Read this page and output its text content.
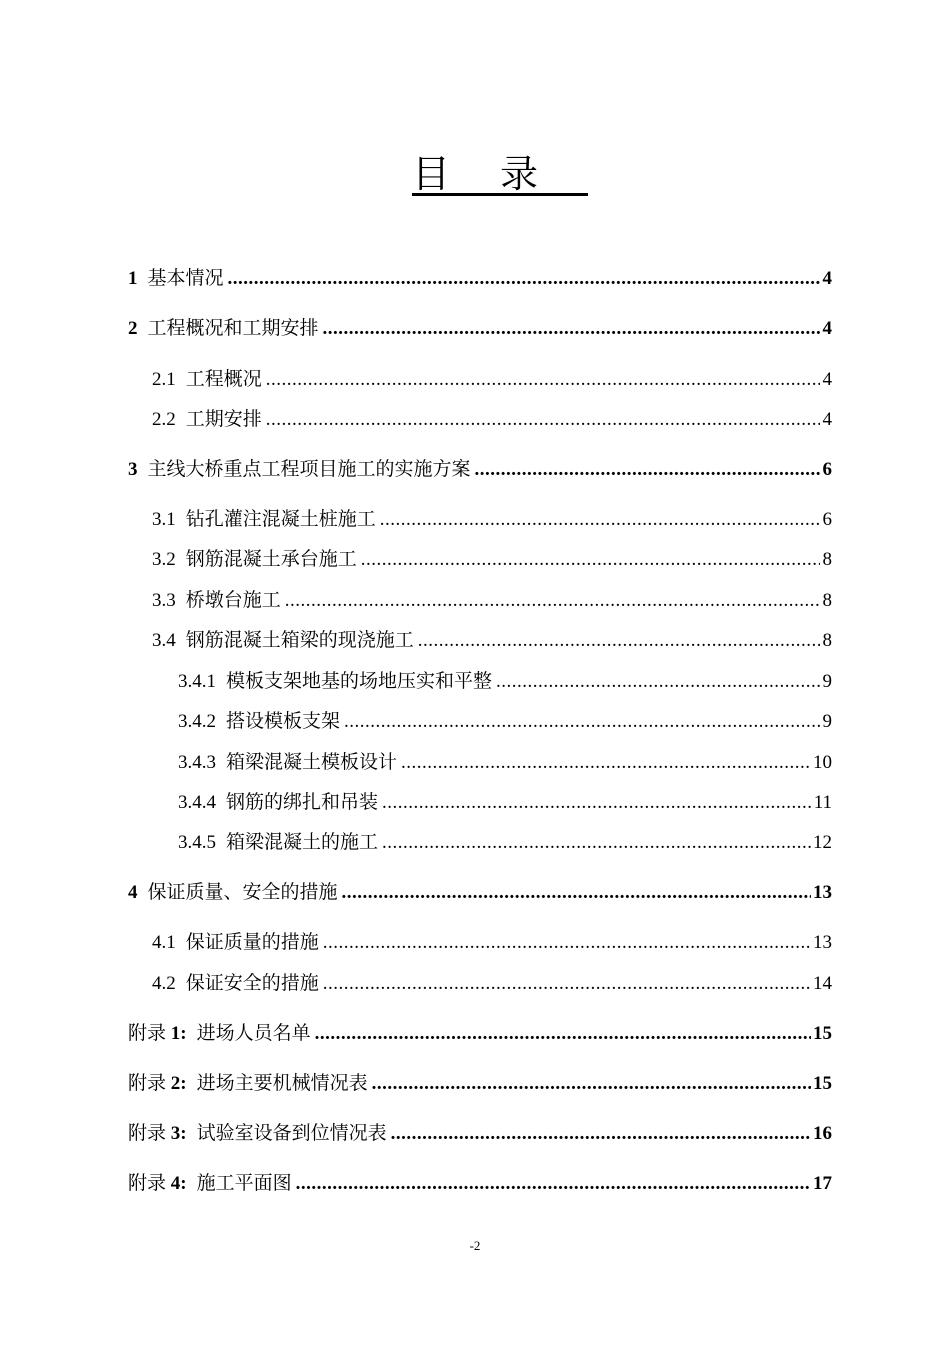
目录
1 基本情况 .....	4
2 工程概况和工期安排 .....	4
2.1 工程概况 .....	4
2.2 工期安排 .....	4
3 主线大桥重点工程项目施工的实施方案 .....	6
3.1 钻孔灌注混凝土桩施工 .....	6
3.2 钢筋混凝土承台施工 .....	8
3.3 桥墩台施工 .....	8
3.4 钢筋混凝土箱梁的现浇施工 .....	8
3.4.1 模板支架地基的场地压实和平整 .....	9
3.4.2 搭设模板支架 .....	9
3.4.3 箱梁混凝土模板设计 .....	10
3.4.4 钢筋的绑扎和吊装 .....	11
3.4.5 箱梁混凝土的施工 .....	12
4 保证质量、安全的措施 .....	13
4.1 保证质量的措施 .....	13
4.2 保证安全的措施 .....	14
附录 1: 进场人员名单 .....	15
附录 2: 进场主要机械情况表 .....	15
附录 3: 试验室设备到位情况表 .....	16
附录 4: 施工平面图 .....	17
-2
